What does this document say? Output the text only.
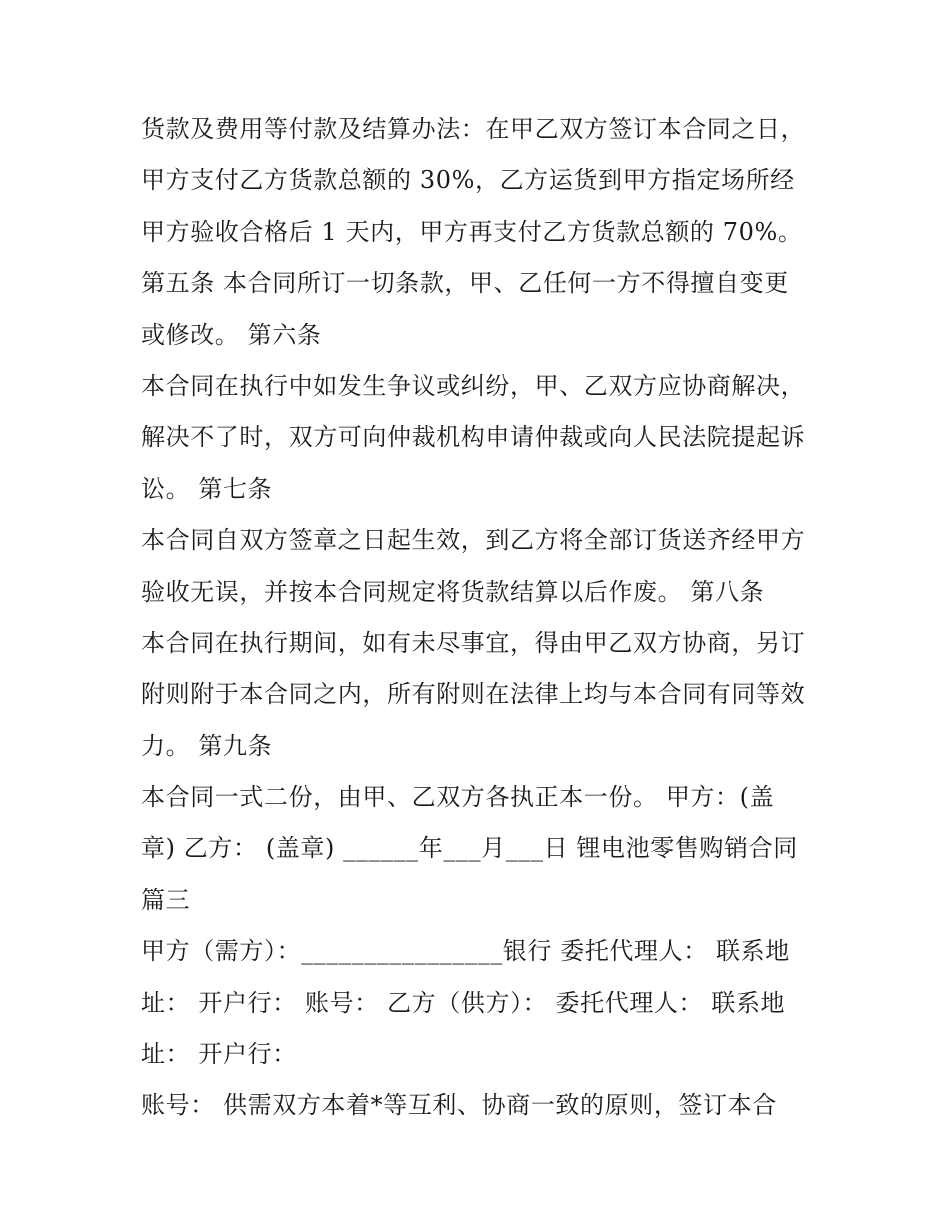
货款及费用等付款及结算办法：在甲乙双方签订本合同之日，
甲方支付乙方货款总额的 30%，乙方运货到甲方指定场所经
甲方验收合格后 1 天内，甲方再支付乙方货款总额的 70%。
第五条 本合同所订一切条款，甲、乙任何一方不得擅自变更
或修改。 第六条
本合同在执行中如发生争议或纠纷，甲、乙双方应协商解决，
解决不了时，双方可向仲裁机构申请仲裁或向人民法院提起诉
讼。 第七条
本合同自双方签章之日起生效，到乙方将全部订货送齐经甲方
验收无误，并按本合同规定将货款结算以后作废。 第八条
本合同在执行期间，如有未尽事宜，得由甲乙双方协商，另订
附则附于本合同之内，所有附则在法律上均与本合同有同等效
力。 第九条
本合同一式二份，由甲、乙双方各执正本一份。 甲方：(盖
章) 乙方： (盖章) ______年___月___日 锂电池零售购销合同
篇三
甲方（需方）：________________银行 委托代理人： 联系地
址： 开户行： 账号： 乙方（供方）： 委托代理人： 联系地
址： 开户行：
账号： 供需双方本着*等互利、协商一致的原则，签订本合
